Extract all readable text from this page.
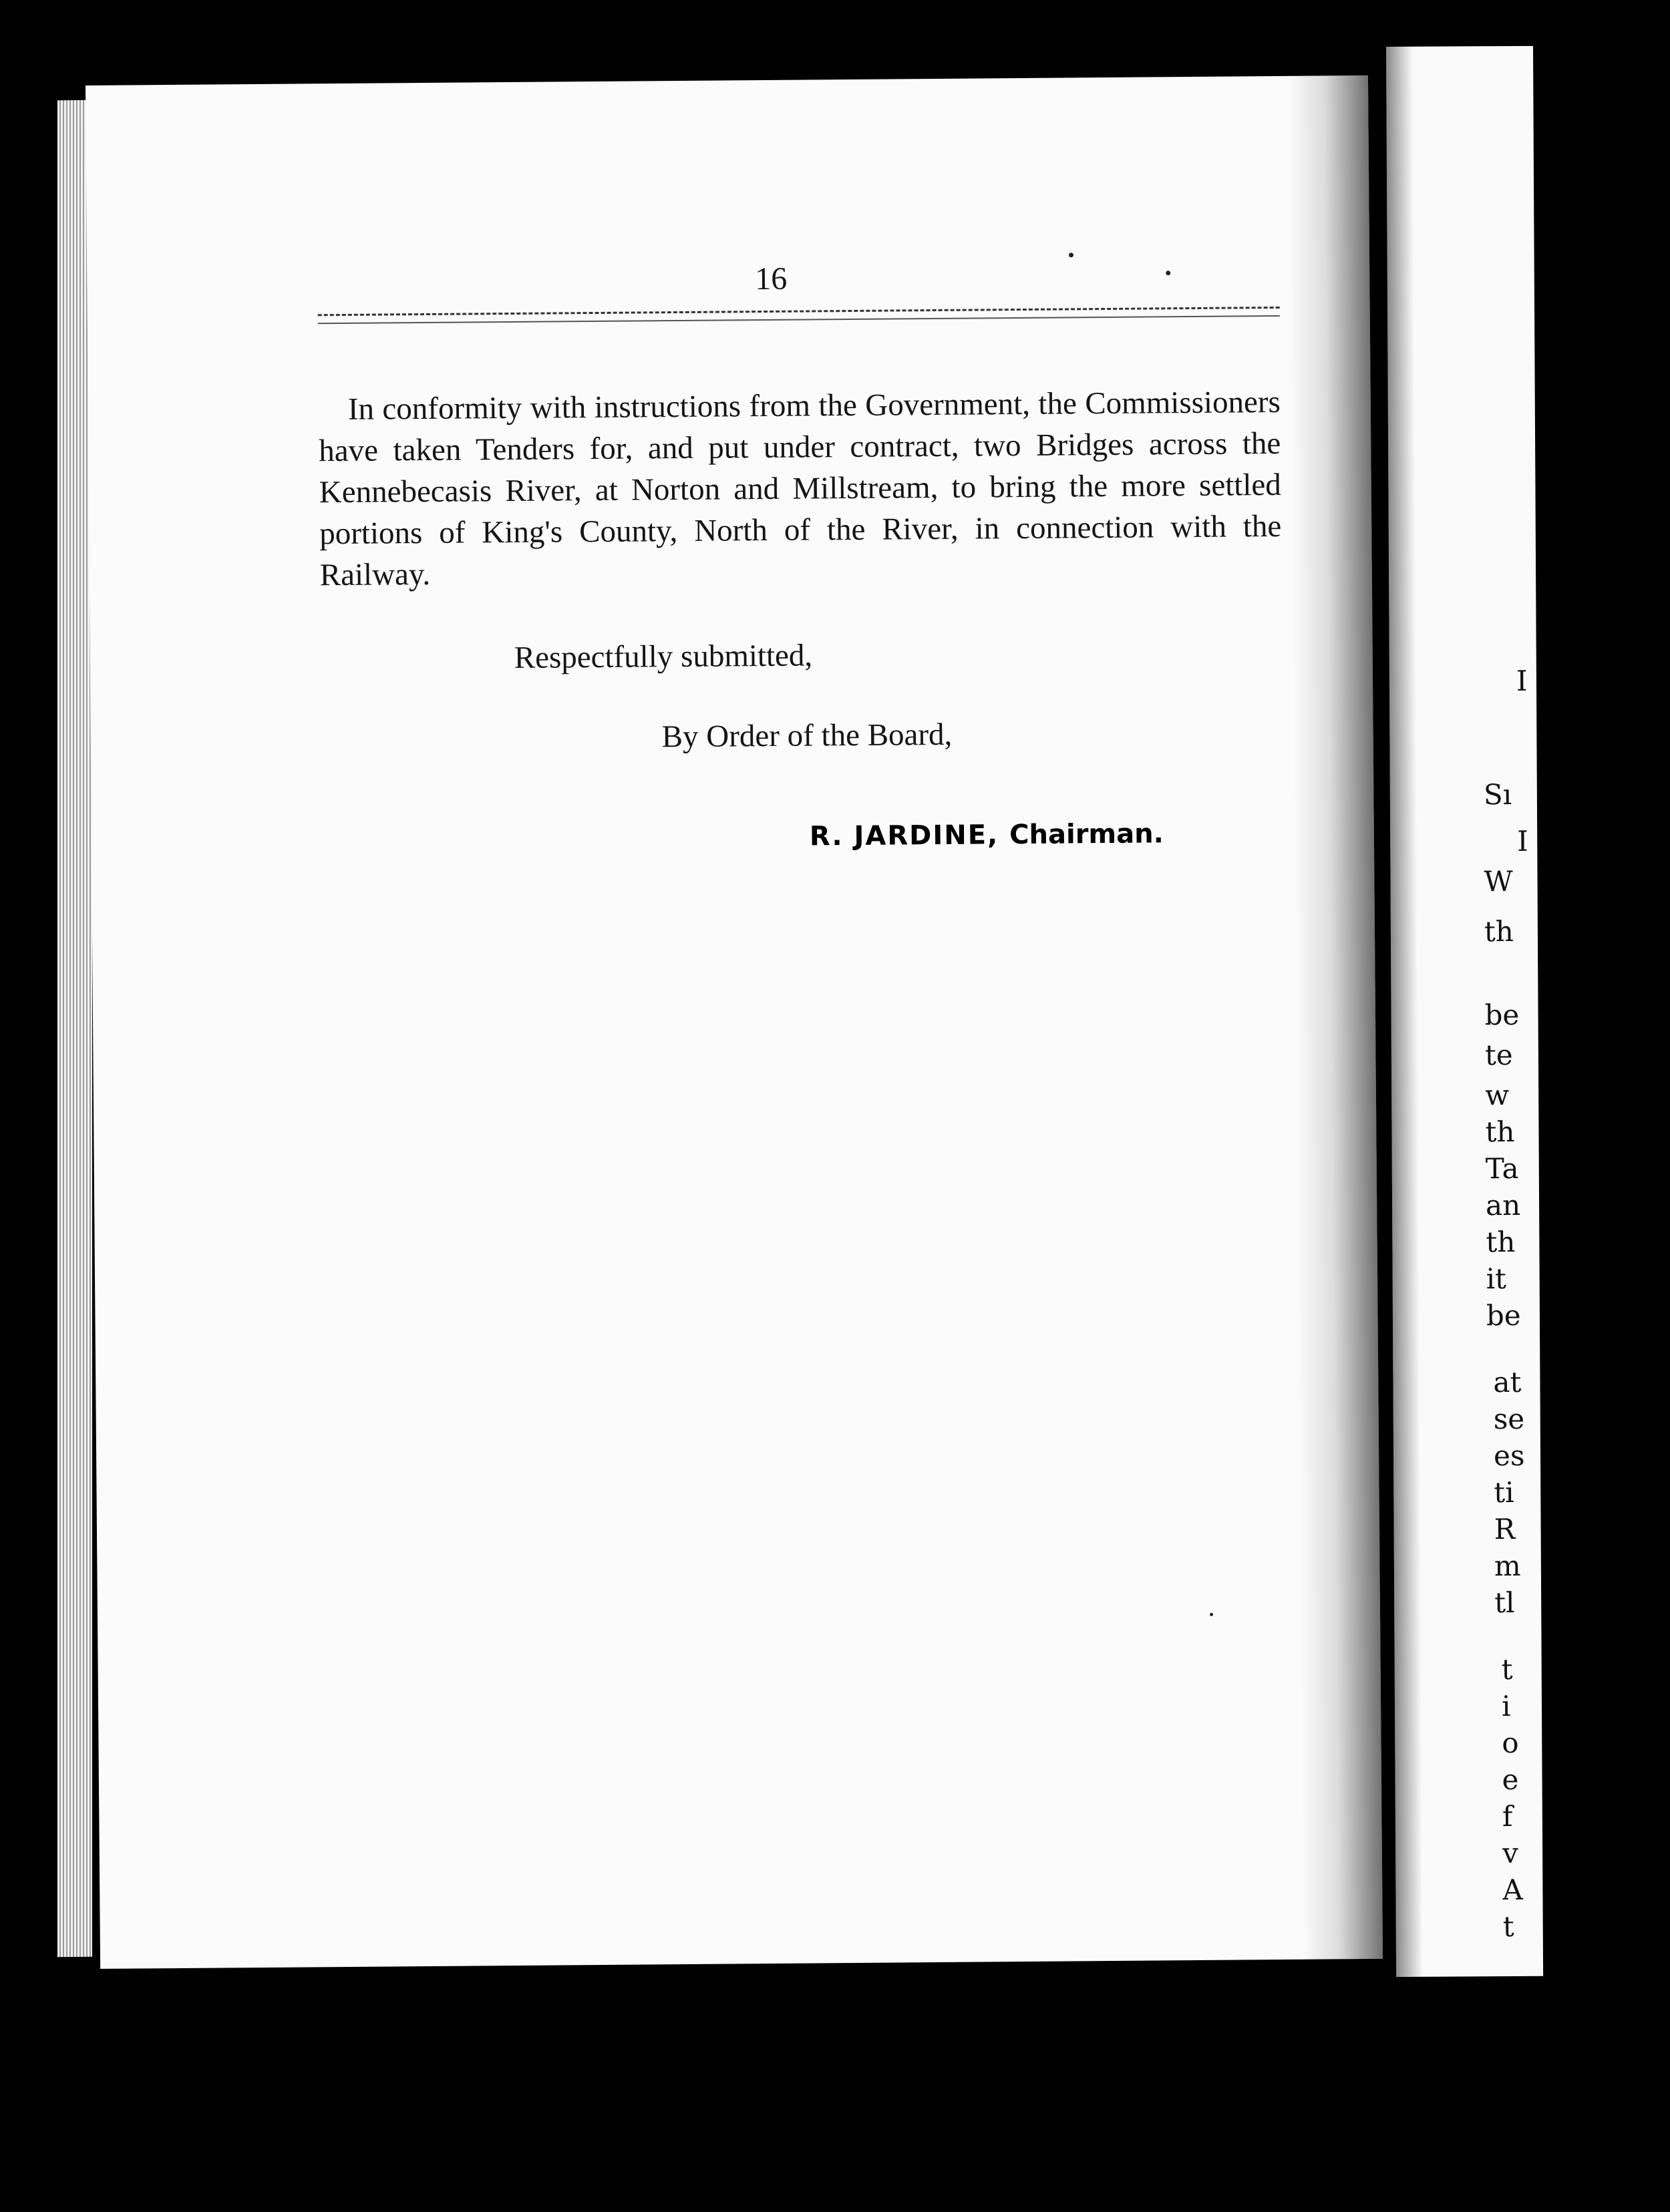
I
Sı
I
W
th
be
te
w
th
Ta
an
th
it
be
at
se
es
ti
R
m
tl
t
i
o
e
f
v
A
t
16

In conformity with instructions from the Government, the Commissioners have taken Tenders for, and put under contract, two Bridges across the Kennebecasis River, at Norton and Millstream, to bring the more settled portions of King's County, North of the River, in connection with the Railway.

Respectfully submitted,
By Order of the Board,
R. JARDINE, Chairman.
